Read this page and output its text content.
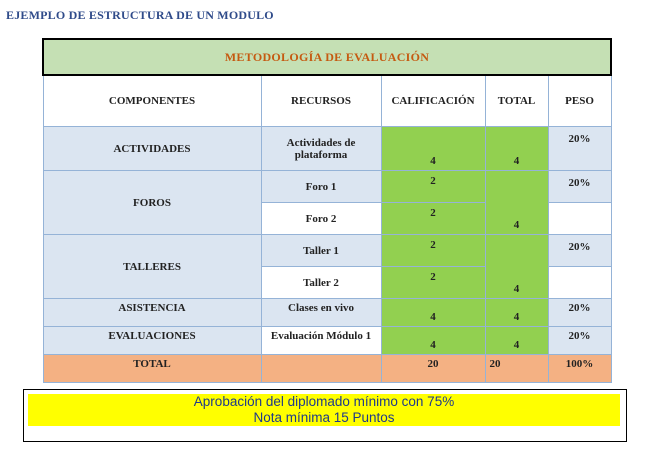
EJEMPLO DE ESTRUCTURA DE UN MODULO
METODOLOGÍA DE EVALUACIÓN				
COMPONENTES	RECURSOS	CALIFICACIÓN	TOTAL	PESO
ACTIVIDADES	Actividades de
plataforma	4	4	20%
FOROS	Foro 1	2	4	20%
	Foro 2	2		
TALLERES	Taller 1	2	4	20%
	Taller 2	2		
ASISTENCIA	Clases en vivo	4	4	20%
EVALUACIONES	Evaluación Módulo 1	4	4	20%
TOTAL		20	20	100%
Aprobación del diplomado mínimo con 75%
Nota mínima 15 Puntos
